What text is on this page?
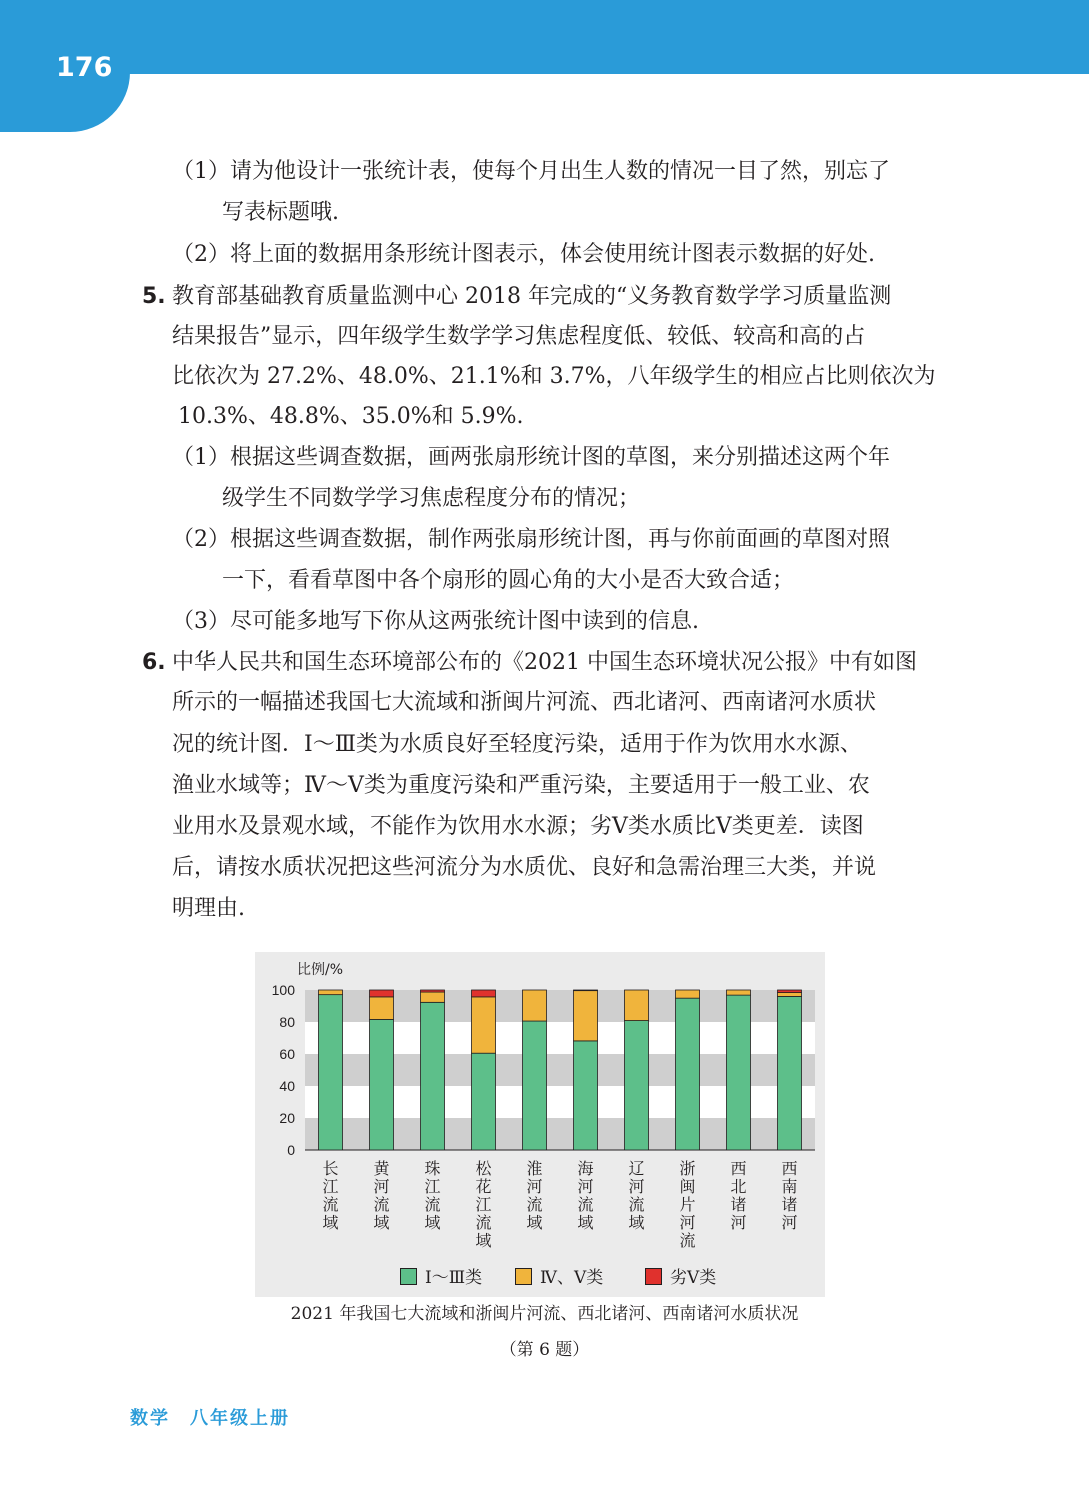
176
（1）请为他设计一张统计表，使每个月出生人数的情况一目了然，别忘了
写表标题哦.
（2）将上面的数据用条形统计图表示，体会使用统计图表示数据的好处.
5. 教育部基础教育质量监测中心 2018 年完成的“义务教育数学学习质量监测
结果报告”显示，四年级学生数学学习焦虑程度低、较低、较高和高的占
比依次为 27.2%、48.0%、21.1%和 3.7%，八年级学生的相应占比则依次为
10.3%、48.8%、35.0%和 5.9%.
（1）根据这些调查数据，画两张扇形统计图的草图，来分别描述这两个年
级学生不同数学学习焦虑程度分布的情况；
（2）根据这些调查数据，制作两张扇形统计图，再与你前面画的草图对照
一下，看看草图中各个扇形的圆心角的大小是否大致合适；
（3）尽可能多地写下你从这两张统计图中读到的信息.
6. 中华人民共和国生态环境部公布的《2021 中国生态环境状况公报》中有如图
所示的一幅描述我国七大流域和浙闽片河流、西北诸河、西南诸河水质状
况的统计图．Ⅰ～Ⅲ类为水质良好至轻度污染，适用于作为饮用水水源、
渔业水域等；Ⅳ～Ⅴ类为重度污染和严重污染，主要适用于一般工业、农
业用水及景观水域，不能作为饮用水水源；劣Ⅴ类水质比Ⅴ类更差．读图
后，请按水质状况把这些河流分为水质优、良好和急需治理三大类，并说
明理由.
0
20
40
60
80
100
比例/%
长
江
流
域
黄
河
流
域
珠
江
流
域
松
花
江
流
域
淮
河
流
域
海
河
流
域
辽
河
流
域
浙
闽
片
河
流
西
北
诸
河
西
南
诸
河
Ⅰ～Ⅲ类	Ⅳ、Ⅴ类	劣Ⅴ类
2021 年我国七大流域和浙闽片河流、西北诸河、西南诸河水质状况
（第 6 题）
数学　八年级上册
